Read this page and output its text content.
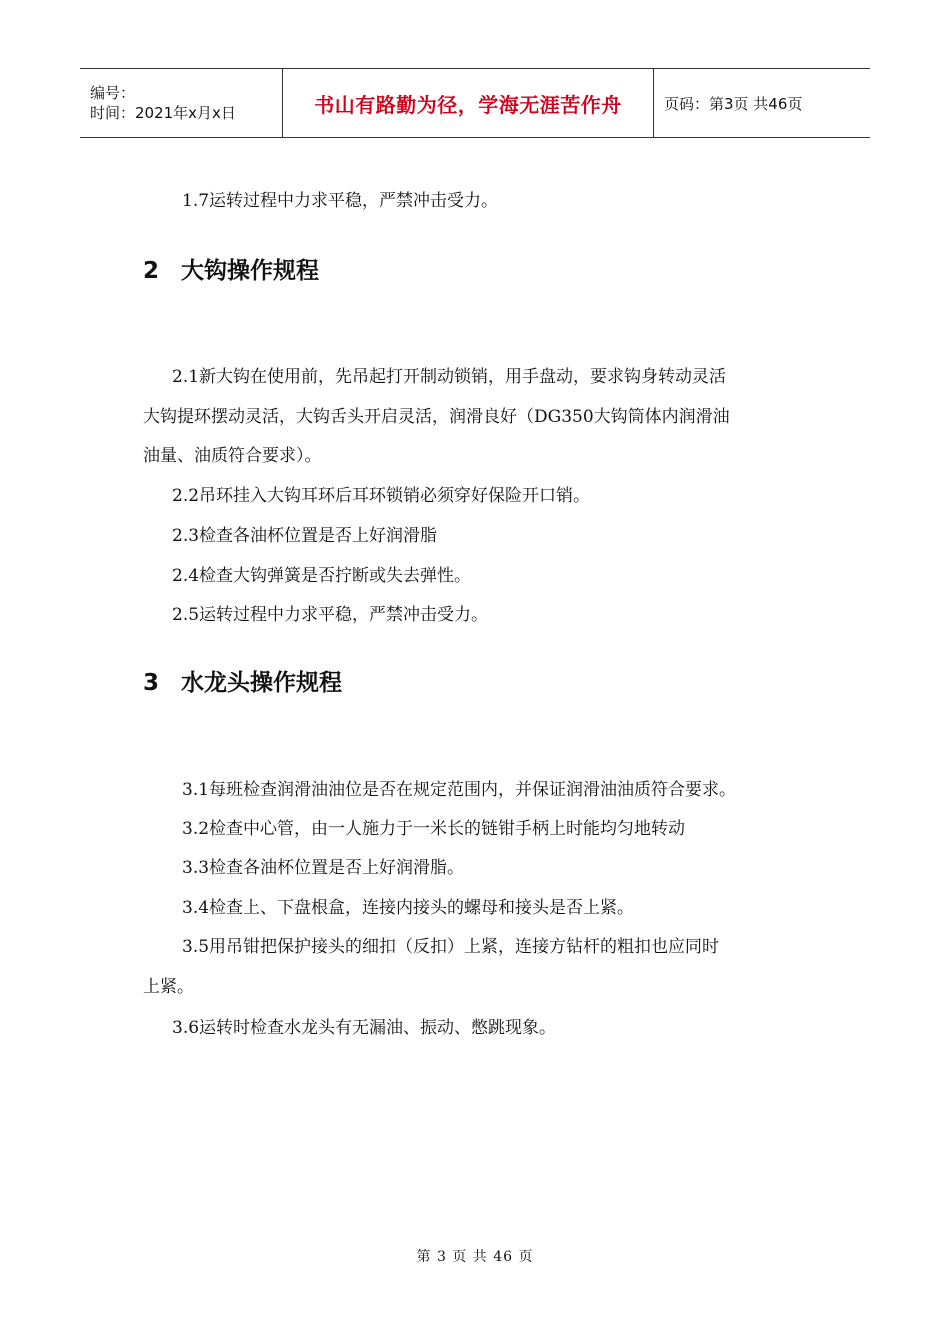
编号：
时间：2021年x月x日	书山有路勤为径，学海无涯苦作舟	页码：第3页 共46页
1.7运转过程中力求平稳，严禁冲击受力。
2 大钩操作规程
2.1新大钩在使用前，先吊起打开制动锁销，用手盘动，要求钩身转动灵活
大钩提环摆动灵活，大钩舌头开启灵活，润滑良好（DG350大钩筒体内润滑油
油量、油质符合要求）。
2.2吊环挂入大钩耳环后耳环锁销必须穿好保险开口销。
2.3检查各油杯位置是否上好润滑脂
2.4检查大钩弹簧是否拧断或失去弹性。
2.5运转过程中力求平稳，严禁冲击受力。
3 水龙头操作规程
3.1每班检查润滑油油位是否在规定范围内，并保证润滑油油质符合要求。
3.2检查中心管，由一人施力于一米长的链钳手柄上时能均匀地转动
3.3检查各油杯位置是否上好润滑脂。
3.4检查上、下盘根盒，连接内接头的螺母和接头是否上紧。
3.5用吊钳把保护接头的细扣（反扣）上紧，连接方钻杆的粗扣也应同时
上紧。
3.6运转时检查水龙头有无漏油、振动、憋跳现象。
第 3 页 共 46 页
